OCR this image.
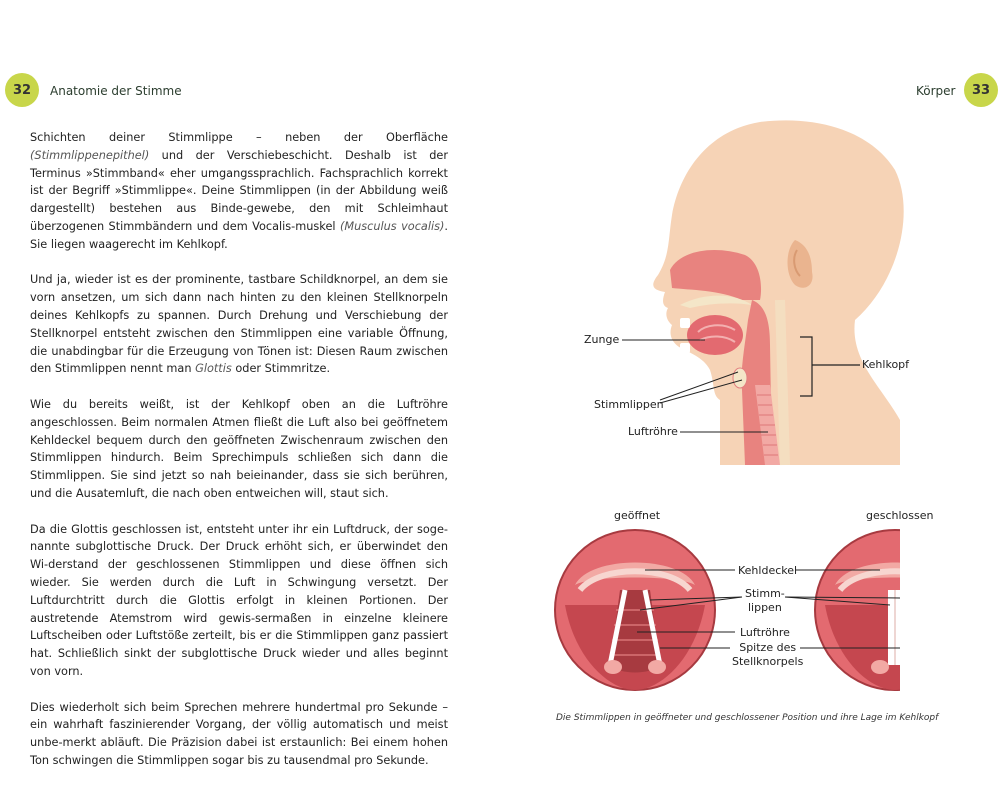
32	Anatomie der Stimme	Körper	33

Schichten deiner Stimmlippe – neben der Oberfläche (Stimmlippenepithel) und der Verschiebeschicht. Deshalb ist der Terminus »Stimmband« eher umgangssprachlich. Fachsprachlich korrekt ist der Begriff »Stimmlippe«. Deine Stimmlippen (in der Abbildung weiß dargestellt) bestehen aus Binde-gewebe, den mit Schleimhaut überzogenen Stimmbändern und dem Vocalis-muskel (Musculus vocalis). Sie liegen waagerecht im Kehlkopf.

Und ja, wieder ist es der prominente, tastbare Schildknorpel, an dem sie vorn ansetzen, um sich dann nach hinten zu den kleinen Stellknorpeln deines Kehlkopfs zu spannen. Durch Drehung und Verschiebung der Stellknorpel entsteht zwischen den Stimmlippen eine variable Öffnung, die unabdingbar für die Erzeugung von Tönen ist: Diesen Raum zwischen den Stimmlippen nennt man Glottis oder Stimmritze.

Wie du bereits weißt, ist der Kehlkopf oben an die Luftröhre angeschlossen. Beim normalen Atmen fließt die Luft also bei geöffnetem Kehldeckel bequem durch den geöffneten Zwischenraum zwischen den Stimmlippen hindurch. Beim Sprechimpuls schließen sich dann die Stimmlippen. Sie sind jetzt so nah beieinander, dass sie sich berühren, und die Ausatemluft, die nach oben entweichen will, staut sich.

Da die Glottis geschlossen ist, entsteht unter ihr ein Luftdruck, der soge-nannte subglottische Druck. Der Druck erhöht sich, er überwindet den Wi-derstand der geschlossenen Stimmlippen und diese öffnen sich wieder. Sie werden durch die Luft in Schwingung versetzt. Der Luftdurchtritt durch die Glottis erfolgt in kleinen Portionen. Der austretende Atemstrom wird gewis-sermaßen in einzelne kleinere Luftscheiben oder Luftstöße zerteilt, bis er die Stimmlippen ganz passiert hat. Schließlich sinkt der subglottische Druck wieder und alles beginnt von vorn.

Dies wiederholt sich beim Sprechen mehrere hundertmal pro Sekunde – ein wahrhaft faszinierender Vorgang, der völlig automatisch und meist unbe-merkt abläuft. Die Präzision dabei ist erstaunlich: Bei einem hohen Ton schwingen die Stimmlippen sogar bis zu tausendmal pro Sekunde.

Zunge
Kehlkopf
Stimmlippen
Luftröhre
geöffnet	geschlossen
Kehldeckel
Stimm-
lippen
Luftröhre
Spitze des
Stellknorpels
Die Stimmlippen in geöffneter und geschlossener Position und ihre Lage im Kehlkopf
